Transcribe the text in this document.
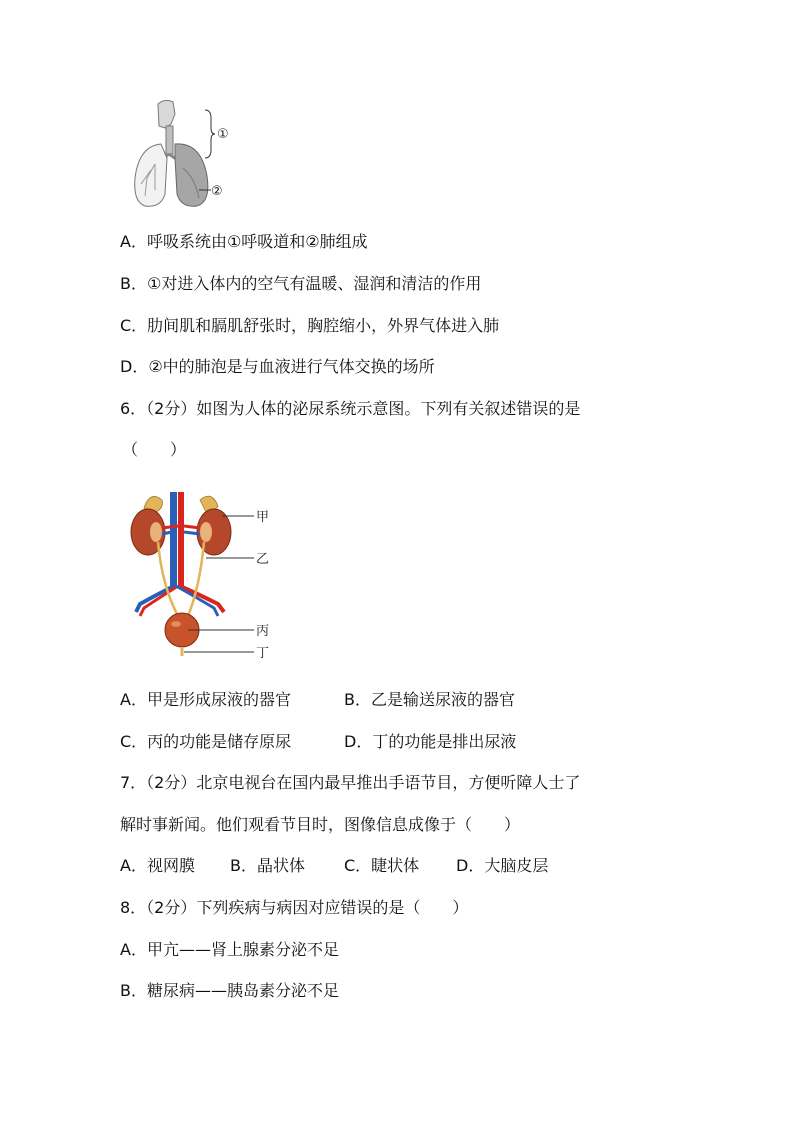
①
②
A．呼吸系统由①呼吸道和②肺组成
B．①对进入体内的空气有温暖、湿润和清洁的作用
C．肋间肌和膈肌舒张时，胸腔缩小，外界气体进入肺
D．②中的肺泡是与血液进行气体交换的场所
6．（2分）如图为人体的泌尿系统示意图。下列有关叙述错误的是
（　　）
甲
乙
丙
丁
A．甲是形成尿液的器官	B．乙是输送尿液的器官
C．丙的功能是储存原尿	D．丁的功能是排出尿液
7．（2分）北京电视台在国内最早推出手语节目，方便听障人士了
解时事新闻。他们观看节目时，图像信息成像于（　　）
A．视网膜 B．晶状体 C．睫状体 D．大脑皮层
8．（2分）下列疾病与病因对应错误的是（　　）
A．甲亢——肾上腺素分泌不足
B．糖尿病——胰岛素分泌不足
